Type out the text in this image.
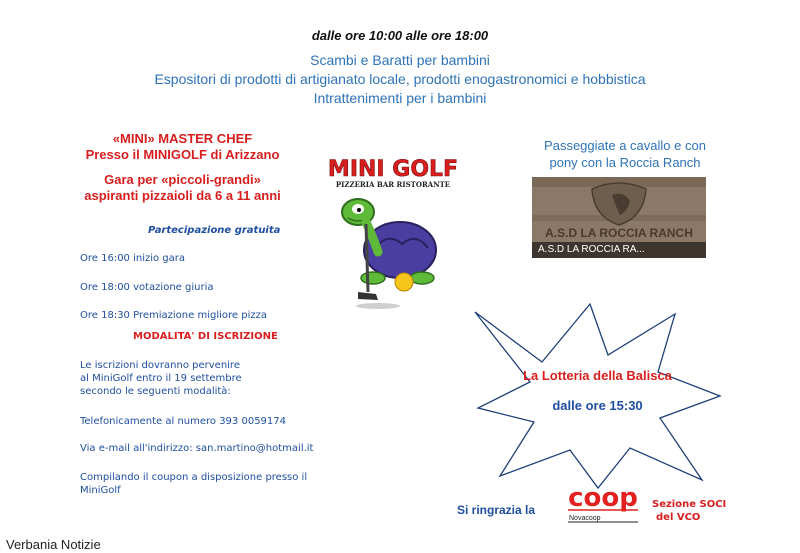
dalle ore 10:00 alle ore 18:00
Scambi e Baratti per bambini
Espositori di prodotti di artigianato locale, prodotti enogastronomici e hobbistica
Intrattenimenti per i bambini
«MINI» MASTER CHEF
Presso il MINIGOLF di Arizzano
Gara per «piccoli-grandi»
aspiranti pizzaioli da 6 a 11 anni
Partecipazione gratuita
Ore 16:00 inizio gara
Ore 18:00 votazione giuria
Ore 18:30 Premiazione migliore pizza
MODALITA' DI ISCRIZIONE
Le iscrizioni dovranno pervenire
al MiniGolf entro il 19 settembre
secondo le seguenti modalità:
Telefonicamente al numero 393 0059174
Via e-mail all'indirizzo: san.martino@hotmail.it
Compilando il coupon a disposizione presso il
MiniGolf
MINI GOLF
PIZZERIA BAR RISTORANTE
Passeggiate a cavallo e con
pony con la Roccia Ranch
A.S.D LA ROCCIA RANCH
A.S.D LA ROCCIA RA...
La Lotteria della Balisca
dalle ore 15:30
Si ringrazia la coop
Novacoop
Sezione SOCI
del VCO
Verbania Notizie
